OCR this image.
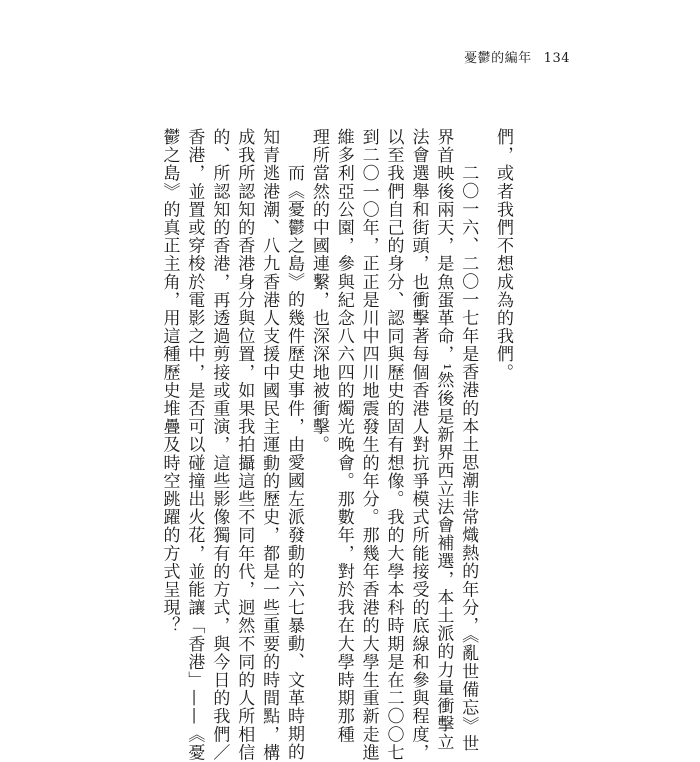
憂鬱的編年 134
們，或者我們不想成為的我們。
二〇一六、二〇一七年是香港的本土思潮非常熾熱的年分，《亂世備忘》世
界首映後兩天，是魚蛋革命，¹然後是新界西立法會補選，本土派的力量衝擊立
法會選舉和街頭，也衝擊著每個香港人對抗爭模式所能接受的底線和參與程度，
以至我們自己的身分、認同與歷史的固有想像。我的大學本科時期是在二〇〇七
到二〇一〇年，正正是川中四川地震發生的年分。那幾年香港的大學生重新走進
維多利亞公園，參與紀念八六四的燭光晚會。那數年，對於我在大學時期那種
理所當然的中國連繫，也深深地被衝擊。
而《憂鬱之島》的幾件歷史事件，由愛國左派發動的六七暴動、文革時期的
知青逃港潮、八九香港人支援中國民主運動的歷史，都是一些重要的時間點，構
成我所認知的香港身分與位置，如果我拍攝這些不同年代，迥然不同的人所相信
的、所認知的香港，再透過剪接或重演，這些影像獨有的方式，與今日的我們／
香港，並置或穿梭於電影之中，是否可以碰撞出火花，並能讓「香港」——《憂
鬱之島》的真正主角，用這種歷史堆疊及時空跳躍的方式呈現？
